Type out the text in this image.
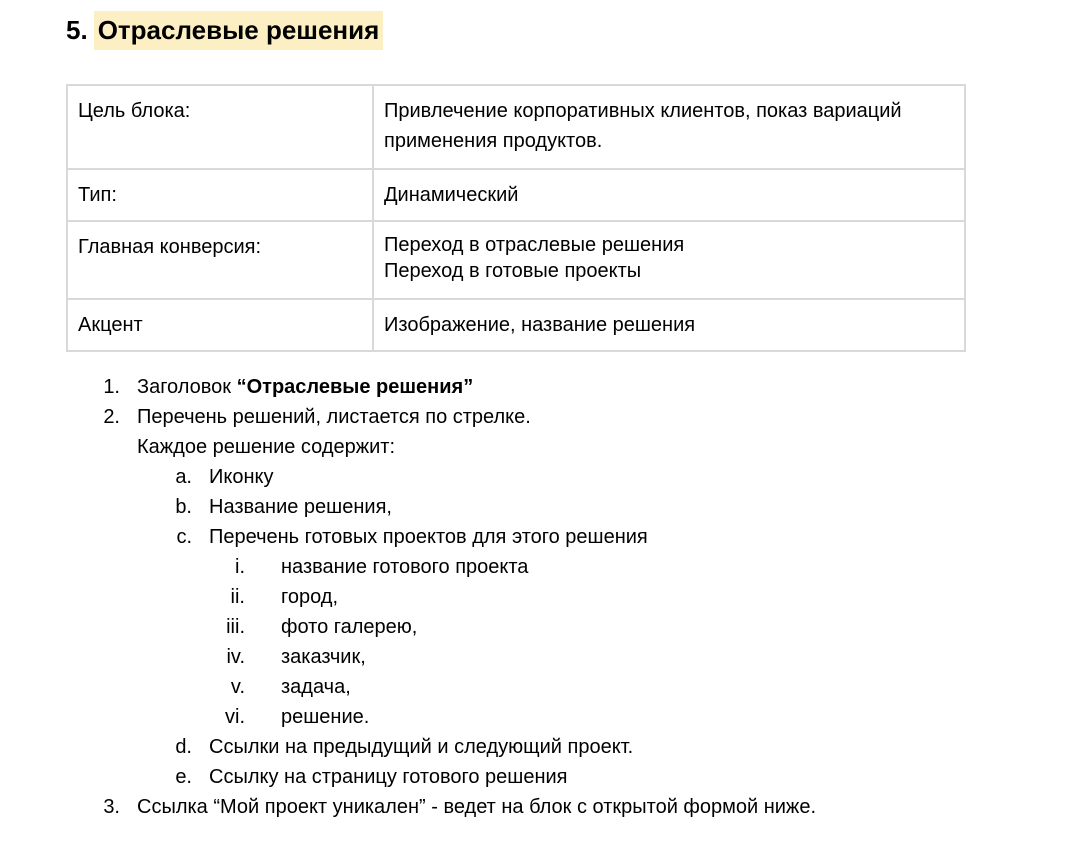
5. Отраслевые решения
Цель блока:	Привлечение корпоративных клиентов, показ вариаций
применения продуктов.

Тип:	Динамический
Главная конверсия:	Переход в отраслевые решения
Переход в готовые проекты

Акцент	Изображение, название решения
1. Заголовок “Отраслевые решения”
2. Перечень решений, листается по стрелке.
Каждое решение содержит:
a. Иконку
b. Название решения,
c. Перечень готовых проектов для этого решения
i. название готового проекта
ii. город,
iii. фото галерею,
iv. заказчик,
v. задача,
vi. решение.
d. Ссылки на предыдущий и следующий проект.
e. Ссылку на страницу готового решения
3. Ссылка “Мой проект уникален” - ведет на блок с открытой формой ниже.
